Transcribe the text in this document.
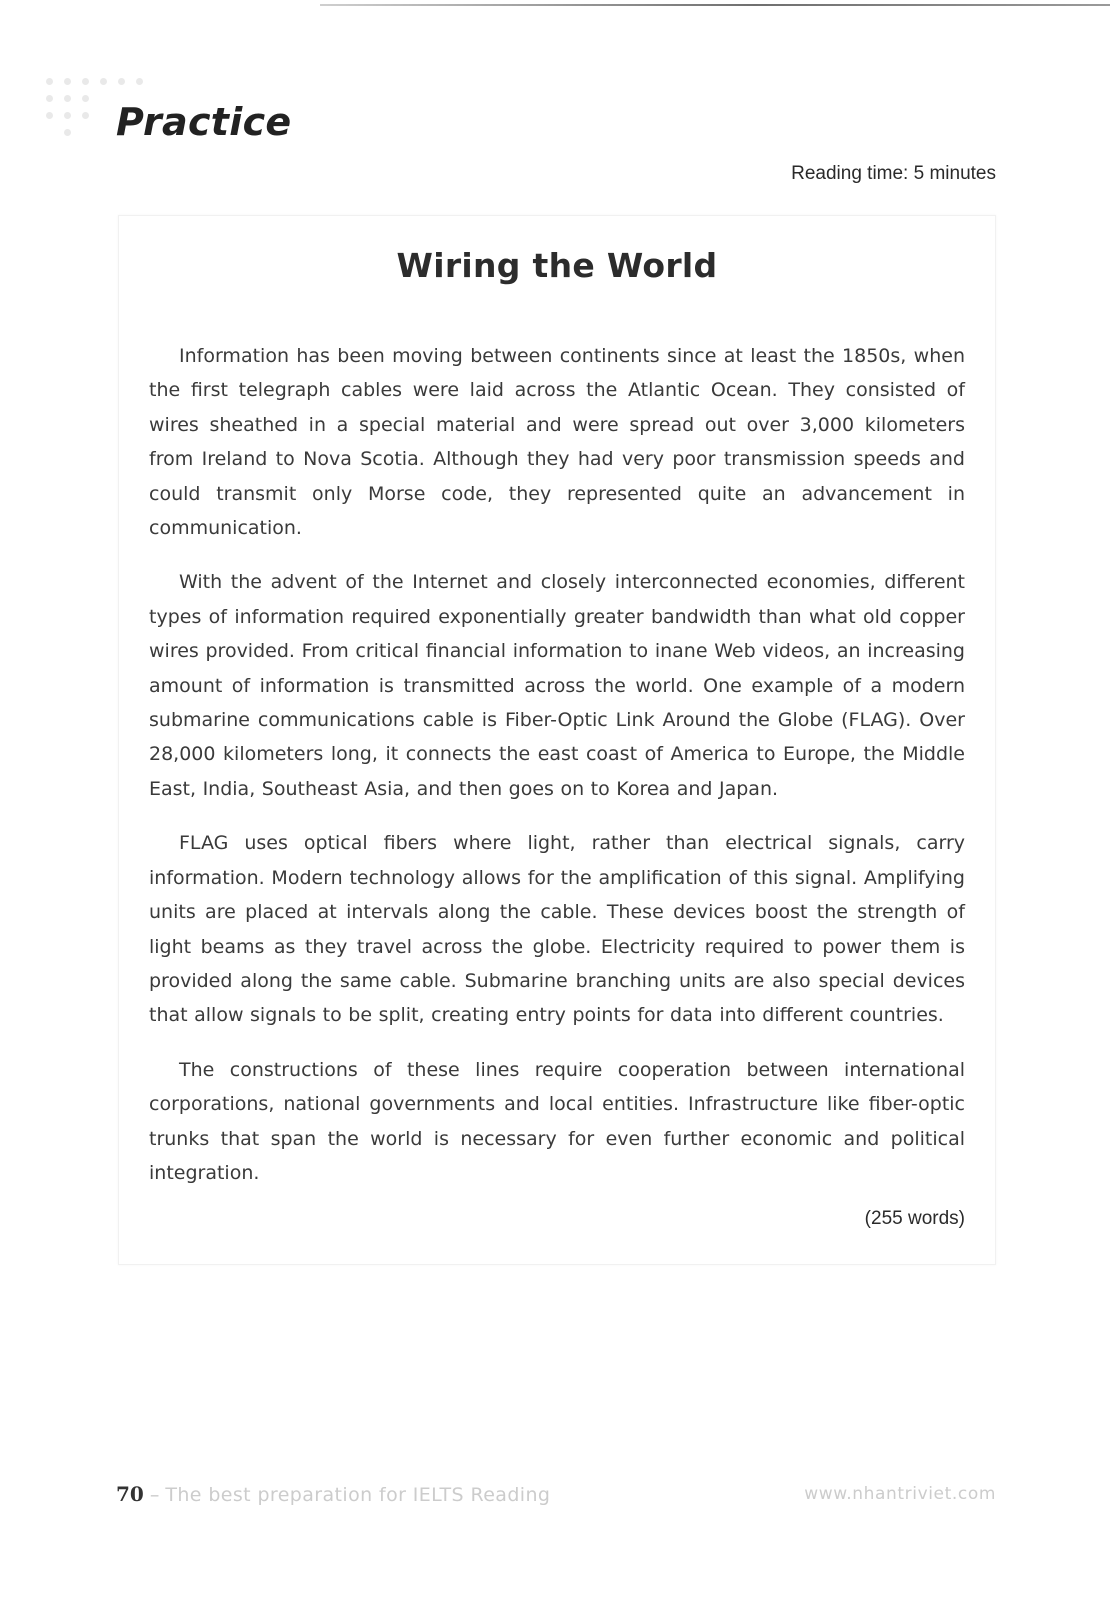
Practice
Reading time: 5 minutes
Wiring the World

Information has been moving between continents since at least the 1850s, when the first telegraph cables were laid across the Atlantic Ocean. They consisted of wires sheathed in a special material and were spread out over 3,000 kilometers from Ireland to Nova Scotia. Although they had very poor transmission speeds and could transmit only Morse code, they represented quite an advancement in communication.

With the advent of the Internet and closely interconnected economies, different types of information required exponentially greater bandwidth than what old copper wires provided. From critical financial information to inane Web videos, an increasing amount of information is transmitted across the world. One example of a modern submarine communications cable is Fiber-Optic Link Around the Globe (FLAG). Over 28,000 kilometers long, it connects the east coast of America to Europe, the Middle East, India, Southeast Asia, and then goes on to Korea and Japan.

FLAG uses optical fibers where light, rather than electrical signals, carry information. Modern technology allows for the amplification of this signal. Amplifying units are placed at intervals along the cable. These devices boost the strength of light beams as they travel across the globe. Electricity required to power them is provided along the same cable. Submarine branching units are also special devices that allow signals to be split, creating entry points for data into different countries.

The constructions of these lines require cooperation between international corporations, national governments and local entities. Infrastructure like fiber-optic trunks that span the world is necessary for even further economic and political integration.

(255 words)
70 – The best preparation for IELTS Reading	www.nhantriviet.com
